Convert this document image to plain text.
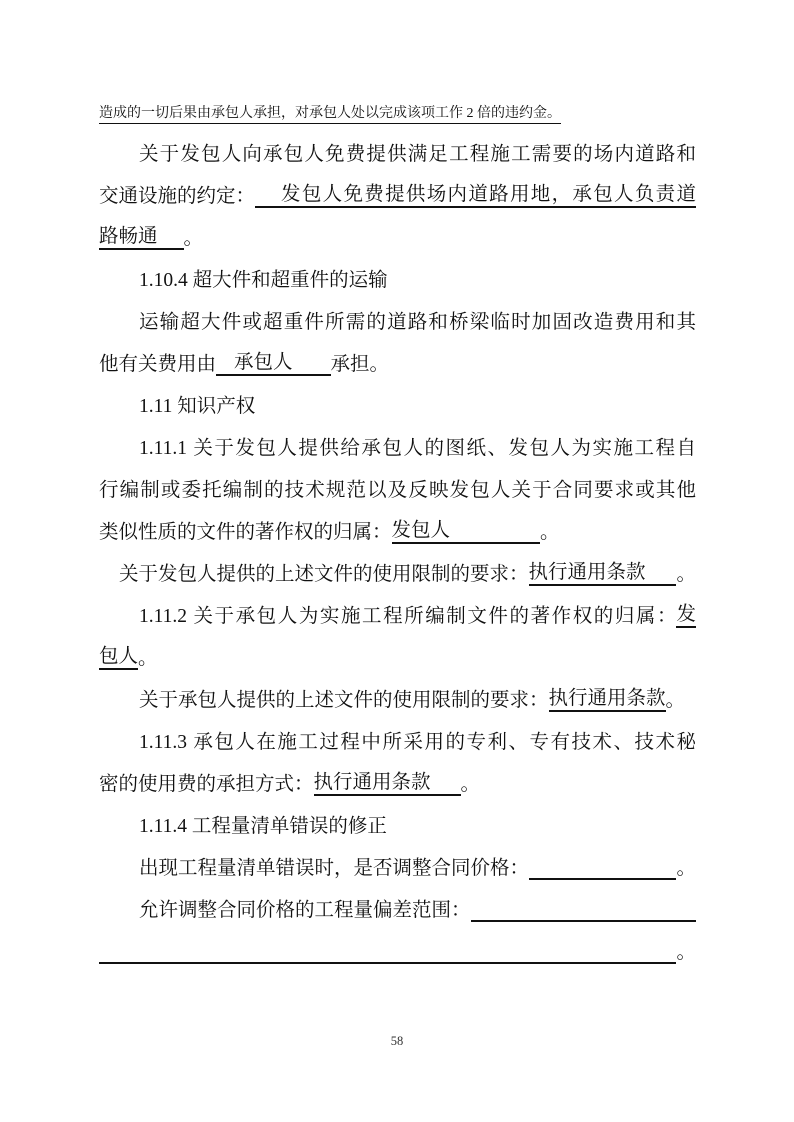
造成的一切后果由承包人承担，对承包人处以完成该项工作 2 倍的违约金。
关于发包人向承包人免费提供满足工程施工需要的场内道路和
交通设施的约定： 发包人免费提供场内道路用地，承包人负责道
路畅通 。
1.10.4 超大件和超重件的运输
运输超大件或超重件所需的道路和桥梁临时加固改造费用和其
他有关费用由 承包人 承担。
1.11 知识产权
1.11.1 关于发包人提供给承包人的图纸、发包人为实施工程自
行编制或委托编制的技术规范以及反映发包人关于合同要求或其他
类似性质的文件的著作权的归属： 发包人	。
关于发包人提供的上述文件的使用限制的要求： 执行通用条款 。
1.11.2 关于承包人为实施工程所编制文件的著作权的归属： 发
包人 。
关于承包人提供的上述文件的使用限制的要求： 执行通用条款 。
1.11.3 承包人在施工过程中所采用的专利、专有技术、技术秘
密的使用费的承担方式： 执行通用条款 。
1.11.4 工程量清单错误的修正
出现工程量清单错误时，是否调整合同价格：	。
允许调整合同价格的工程量偏差范围：
。
58
